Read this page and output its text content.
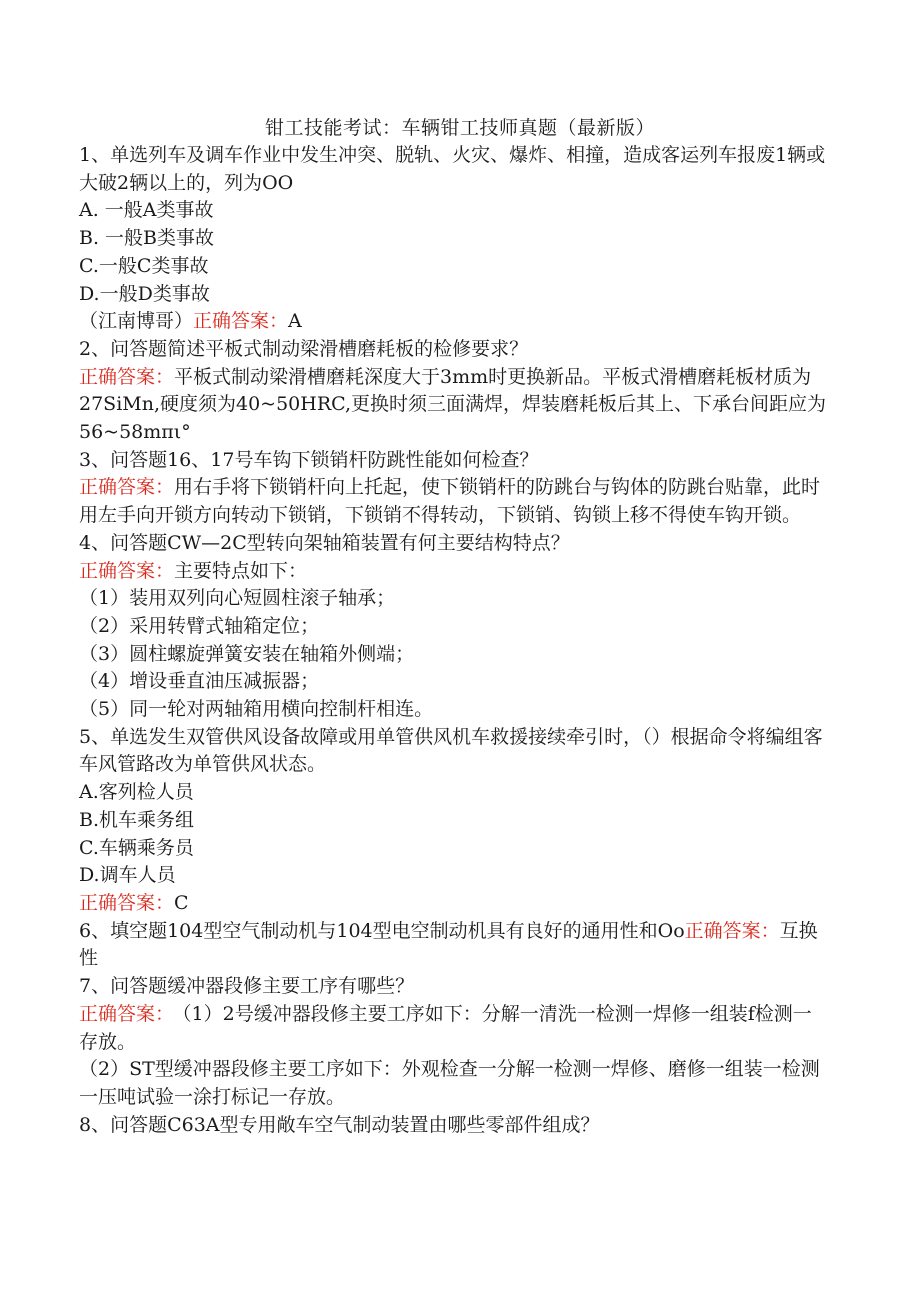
钳工技能考试：车辆钳工技师真题（最新版）

1、单选列车及调车作业中发生冲突、脱轨、火灾、爆炸、相撞，造成客运列车报废1辆或大破2辆以上的，列为OO

A. 一般A类事故

B. 一般B类事故

C.一般C类事故

D.一般D类事故

（江南博哥）正确答案：A

2、问答题简述平板式制动梁滑槽磨耗板的检修要求？

正确答案：平板式制动梁滑槽磨耗深度大于3mm时更换新品。平板式滑槽磨耗板材质为27SiMn,硬度须为40~50HRC,更换时须三面满焊，焊装磨耗板后其上、下承台间距应为56~58mπι°

3、问答题16、17号车钩下锁销杆防跳性能如何检查？

正确答案：用右手将下锁销杆向上托起，使下锁销杆的防跳台与钩体的防跳台贴靠，此时用左手向开锁方向转动下锁销，下锁销不得转动，下锁销、钩锁上移不得使车钩开锁。

4、问答题CW—2C型转向架轴箱装置有何主要结构特点？

正确答案：主要特点如下：

（1）装用双列向心短圆柱滚子轴承；

（2）采用转臂式轴箱定位；

（3）圆柱螺旋弹簧安装在轴箱外侧端；

（4）增设垂直油压减振器；

（5）同一轮对两轴箱用横向控制杆相连。

5、单选发生双管供风设备故障或用单管供风机车救援接续牵引时，（）根据命令将编组客车风管路改为单管供风状态。

A.客列检人员

B.机车乘务组

C.车辆乘务员

D.调车人员

正确答案：C

6、填空题104型空气制动机与104型电空制动机具有良好的通用性和Oo正确答案：互换性

7、问答题缓冲器段修主要工序有哪些？

正确答案： （1）2号缓冲器段修主要工序如下：分解一清洗一检测一焊修一组装f检测一存放。

（2）ST型缓冲器段修主要工序如下：外观检查一分解一检测一焊修、磨修一组装一检测一压吨试验一涂打标记一存放。

8、问答题C63A型专用敞车空气制动装置由哪些零部件组成？
